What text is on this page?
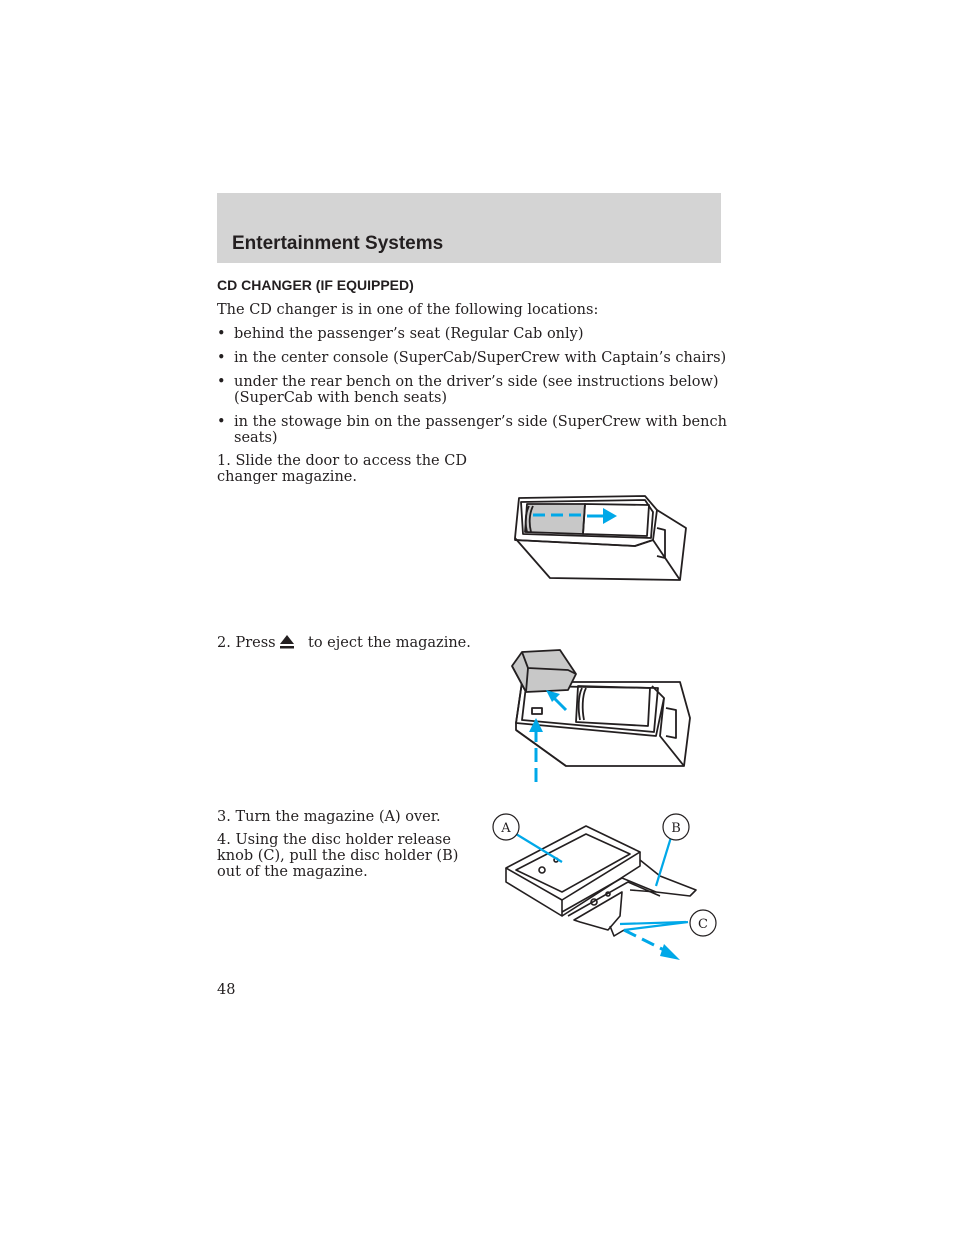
Entertainment Systems
CD CHANGER (IF EQUIPPED)
The CD changer is in one of the following locations:
• behind the passenger’s seat (Regular Cab only)
• in the center console (SuperCab/SuperCrew with Captain’s chairs)
• under the rear bench on the driver’s side (see instructions below)
(SuperCab with bench seats)
• in the stowage bin on the passenger’s side (SuperCrew with bench
seats)
1. Slide the door to access the CD
changer magazine.
2. Press to eject the magazine.
3. Turn the magazine (A) over.
4. Using the disc holder release
knob (C), pull the disc holder (B)
out of the magazine.
A	B
C
48
